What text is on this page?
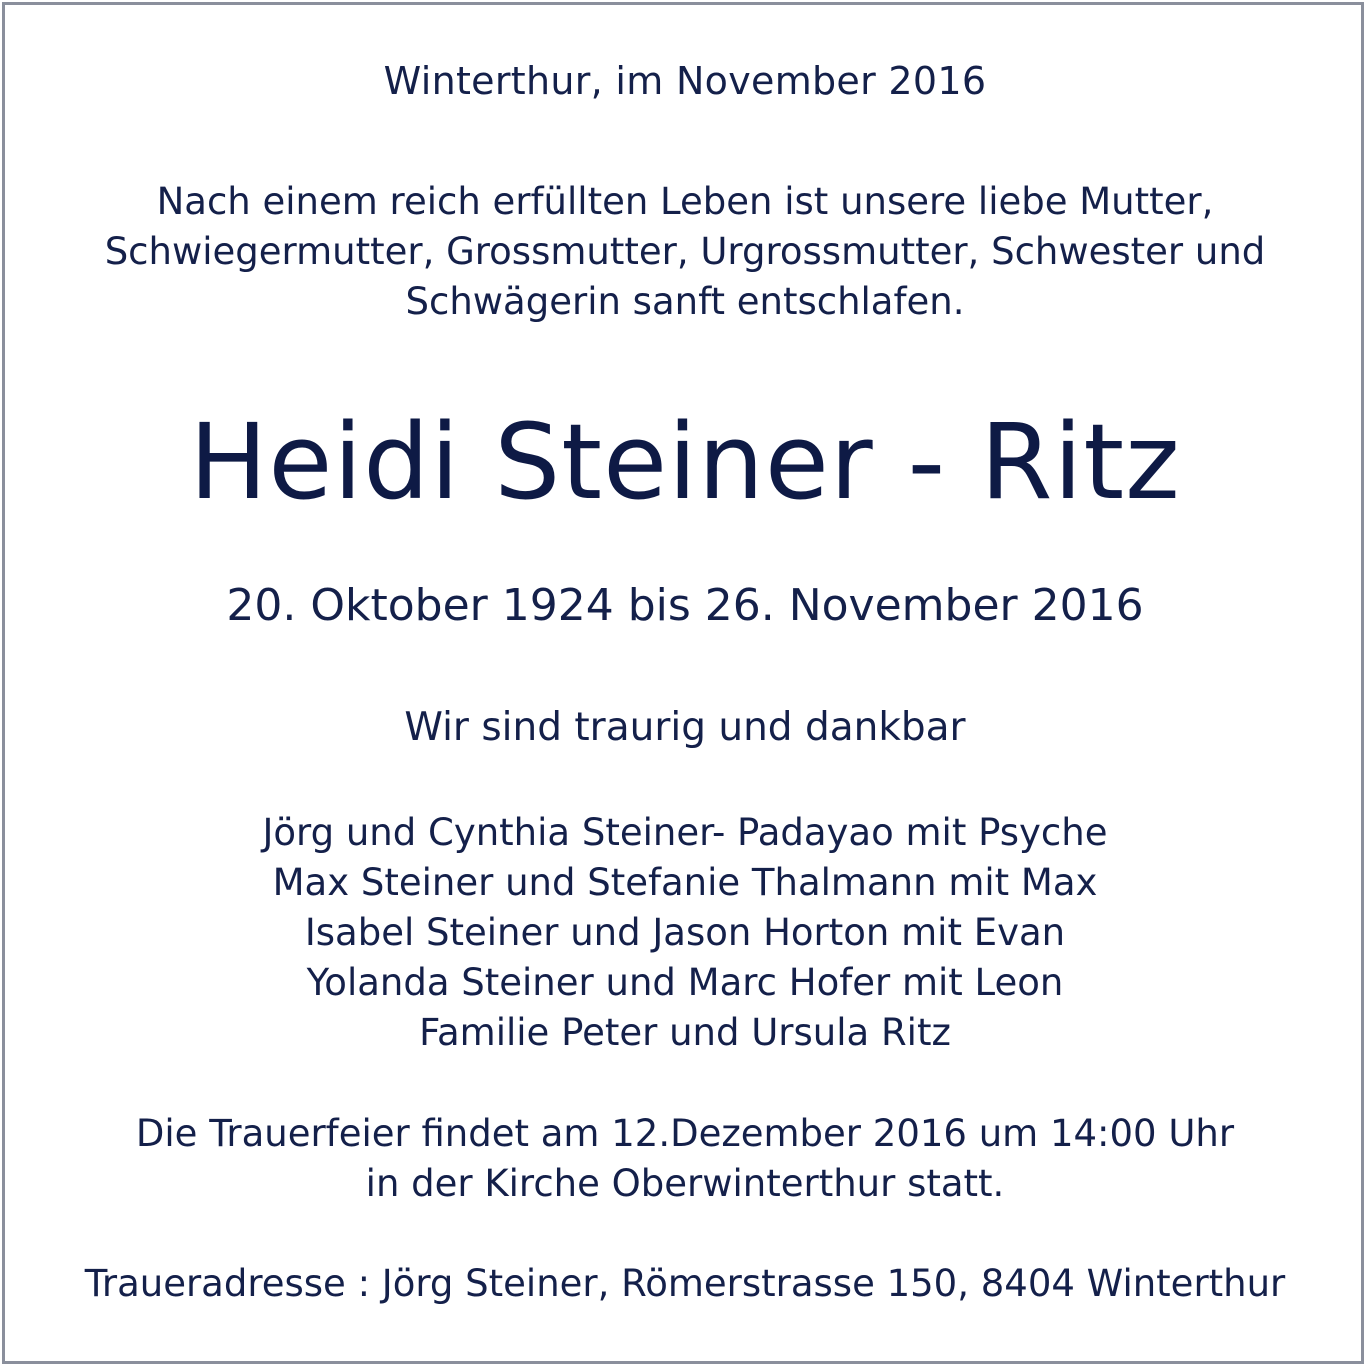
Winterthur, im November 2016
Nach einem reich erfüllten Leben ist unsere liebe Mutter,
Schwiegermutter, Grossmutter, Urgrossmutter, Schwester und
Schwägerin sanft entschlafen.
Heidi Steiner - Ritz
20. Oktober 1924 bis 26. November 2016
Wir sind traurig und dankbar
Jörg und Cynthia Steiner- Padayao mit Psyche
Max Steiner und Stefanie Thalmann mit Max
Isabel Steiner und Jason Horton mit Evan
Yolanda Steiner und Marc Hofer mit Leon
Familie Peter und Ursula Ritz
Die Trauerfeier findet am 12.Dezember 2016 um 14:00 Uhr
in der Kirche Oberwinterthur statt.
Traueradresse : Jörg Steiner, Römerstrasse 150, 8404 Winterthur
